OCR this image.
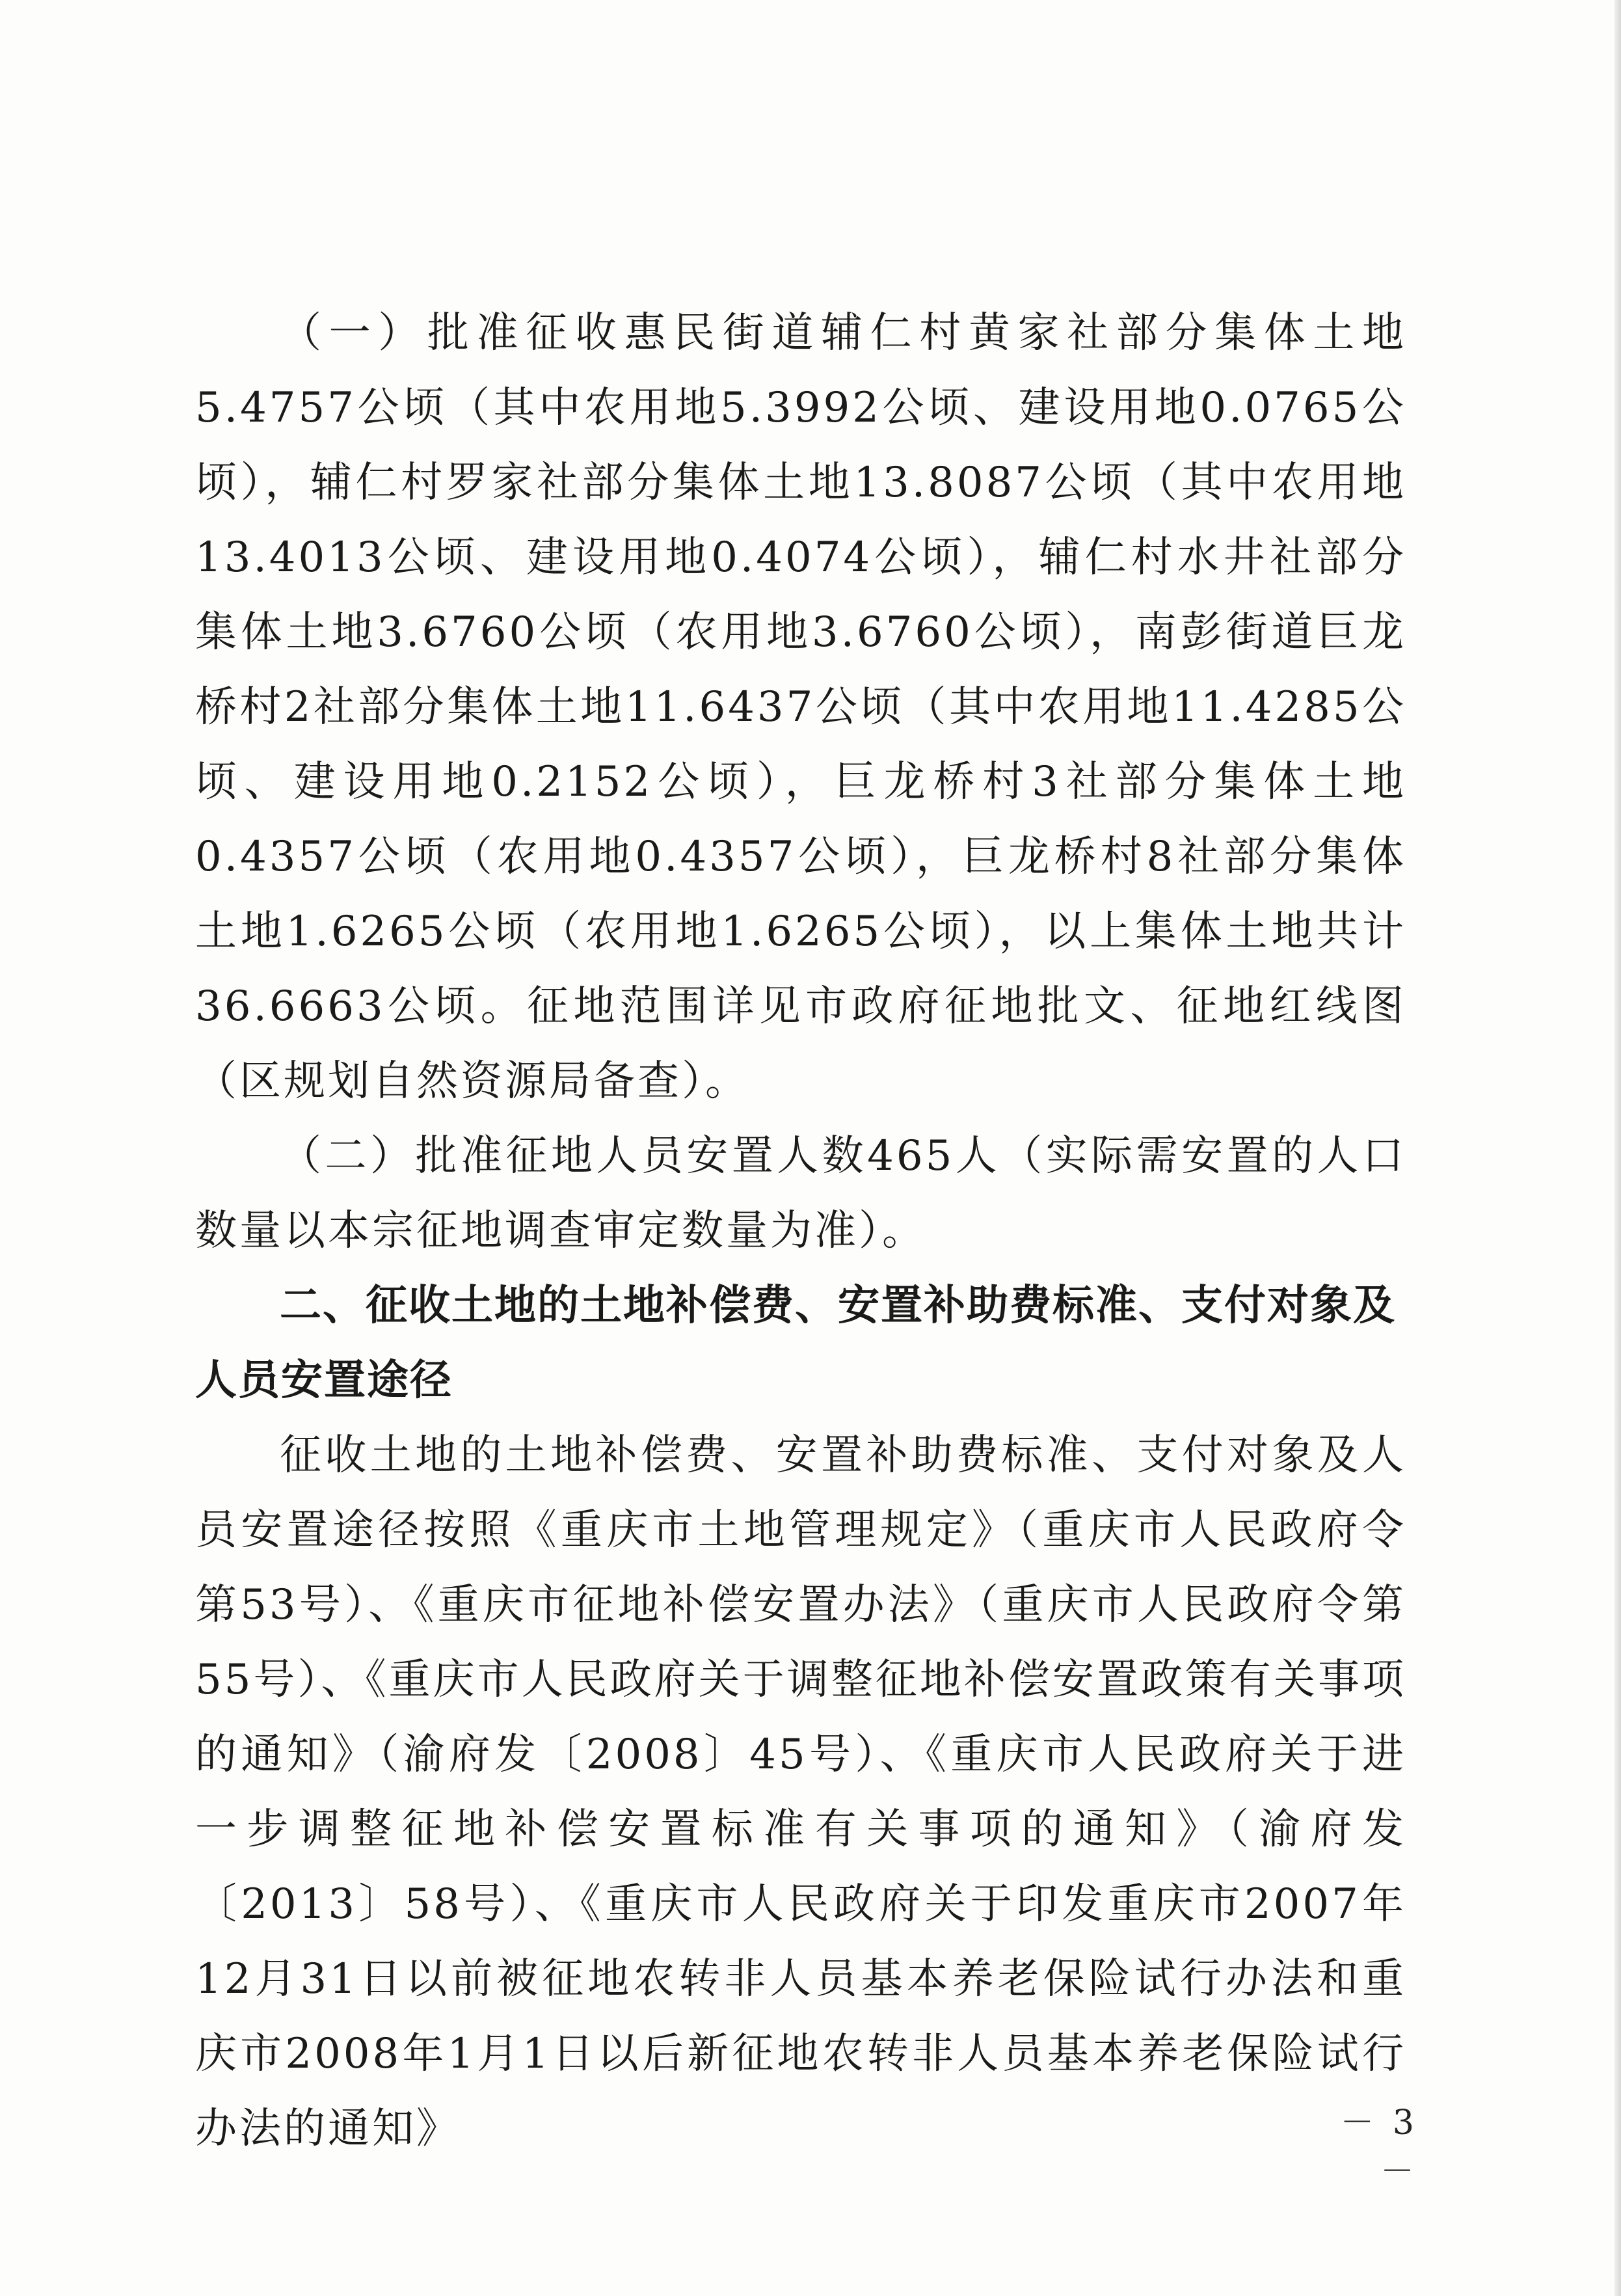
（一）批准征收惠民街道辅仁村黄家社部分集体土地5.4757公顷（其中农用地5.3992公顷、建设用地0.0765公顷），辅仁村罗家社部分集体土地13.8087公顷（其中农用地13.4013公顷、建设用地0.4074公顷），辅仁村水井社部分集体土地3.6760公顷（农用地3.6760公顷），南彭街道巨龙桥村2社部分集体土地11.6437公顷（其中农用地11.4285公顷、建设用地0.2152公顷），巨龙桥村3社部分集体土地0.4357公顷（农用地0.4357公顷），巨龙桥村8社部分集体土地1.6265公顷（农用地1.6265公顷），以上集体土地共计36.6663公顷。征地范围详见市政府征地批文、征地红线图（区规划自然资源局备查）。

（二）批准征地人员安置人数465人（实际需安置的人口数量以本宗征地调查审定数量为准）。

二、征收土地的土地补偿费、安置补助费标准、支付对象及人员安置途径

征收土地的土地补偿费、安置补助费标准、支付对象及人员安置途径按照《重庆市土地管理规定》（重庆市人民政府令第53号）、《重庆市征地补偿安置办法》（重庆市人民政府令第55号）、《重庆市人民政府关于调整征地补偿安置政策有关事项的通知》（渝府发〔2008〕45号）、《重庆市人民政府关于进一步调整征地补偿安置标准有关事项的通知》（渝府发〔2013〕58号）、《重庆市人民政府关于印发重庆市2007年12月31日以前被征地农转非人员基本养老保险试行办法和重庆市2008年1月1日以后新征地农转非人员基本养老保险试行办法的通知》	－ 3 －
